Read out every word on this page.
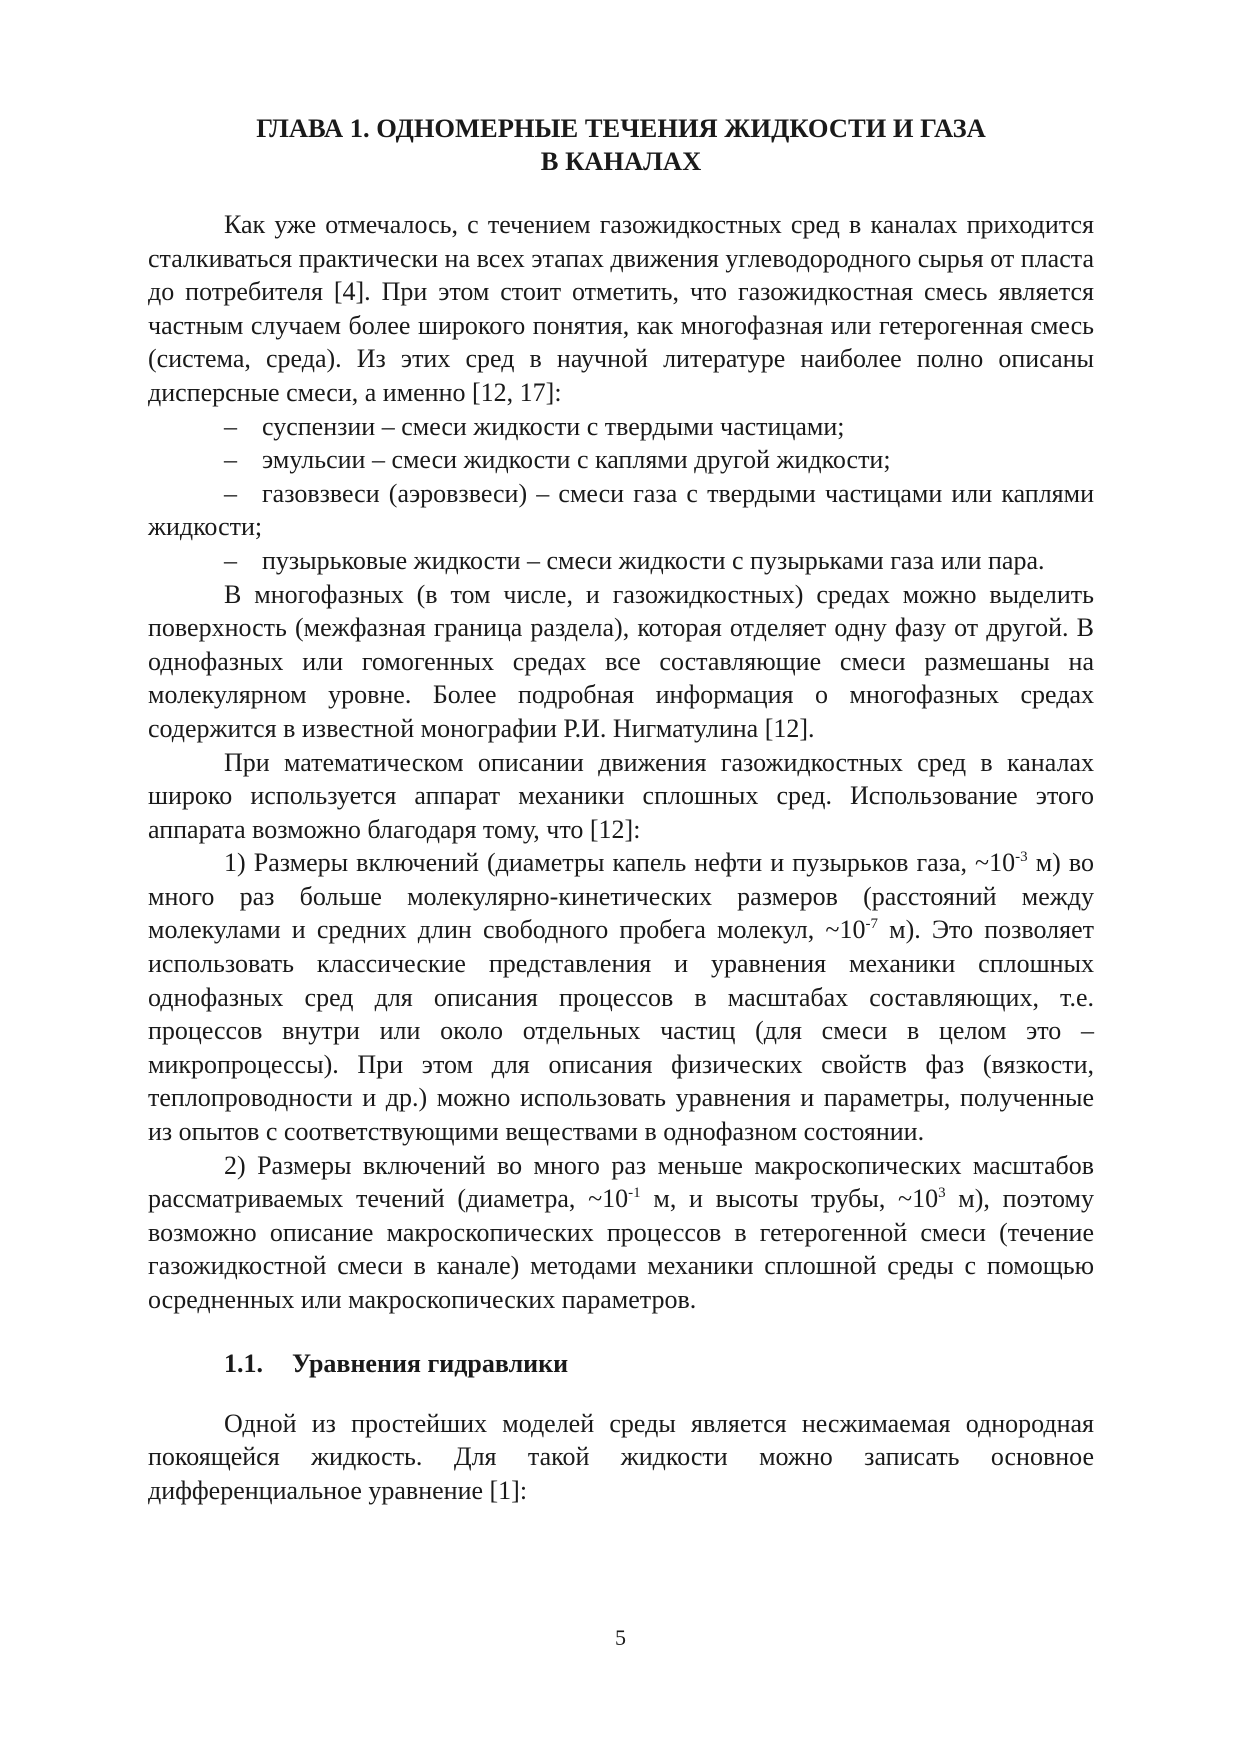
ГЛАВА 1. ОДНОМЕРНЫЕ ТЕЧЕНИЯ ЖИДКОСТИ И ГАЗА
В КАНАЛАХ

Как уже отмечалось, с течением газожидкостных сред в каналах приходится сталкиваться практически на всех этапах движения углеводородного сырья от пласта до потребителя [4]. При этом стоит отметить, что газожидкостная смесь является частным случаем более широкого понятия, как многофазная или гетерогенная смесь (система, среда). Из этих сред в научной литературе наиболее полно описаны дисперсные смеси, а именно [12, 17]:

– суспензии – смеси жидкости с твердыми частицами;

– эмульсии – смеси жидкости с каплями другой жидкости;

– газовзвеси (аэровзвеси) – смеси газа с твердыми частицами или каплями жидкости;

– пузырьковые жидкости – смеси жидкости с пузырьками газа или пара.

В многофазных (в том числе, и газожидкостных) средах можно выделить поверхность (межфазная граница раздела), которая отделяет одну фазу от другой. В однофазных или гомогенных средах все составляющие смеси размешаны на молекулярном уровне. Более подробная информация о многофазных средах содержится в известной монографии Р.И. Нигматулина [12].

При математическом описании движения газожидкостных сред в каналах широко используется аппарат механики сплошных сред. Использование этого аппарата возможно благодаря тому, что [12]:

1) Размеры включений (диаметры капель нефти и пузырьков газа, $\sim 10^{-3}$ м) во много раз больше молекулярно-кинетических размеров (расстояний между молекулами и средних длин свободного пробега молекул, $\sim 10^{-7}$ м). Это позволяет использовать классические представления и уравнения механики сплошных однофазных сред для описания процессов в масштабах составляющих, т.е. процессов внутри или около отдельных частиц (для смеси в целом это – микропроцессы). При этом для описания физических свойств фаз (вязкости, теплопроводности и др.) можно использовать уравнения и параметры, полученные из опытов с соответствующими веществами в однофазном состоянии.

2) Размеры включений во много раз меньше макроскопических масштабов рассматриваемых течений (диаметра, $\sim 10^{-1}$ м, и высоты трубы, $\sim 10^3$ м), поэтому возможно описание макроскопических процессов в гетерогенной смеси (течение газожидкостной смеси в канале) методами механики сплошной среды с помощью осредненных или макроскопических параметров.

1.1. Уравнения гидравлики

Одной из простейших моделей среды является несжимаемая однородная покоящейся жидкость. Для такой жидкости можно записать основное дифференциальное уравнение [1]:

5
